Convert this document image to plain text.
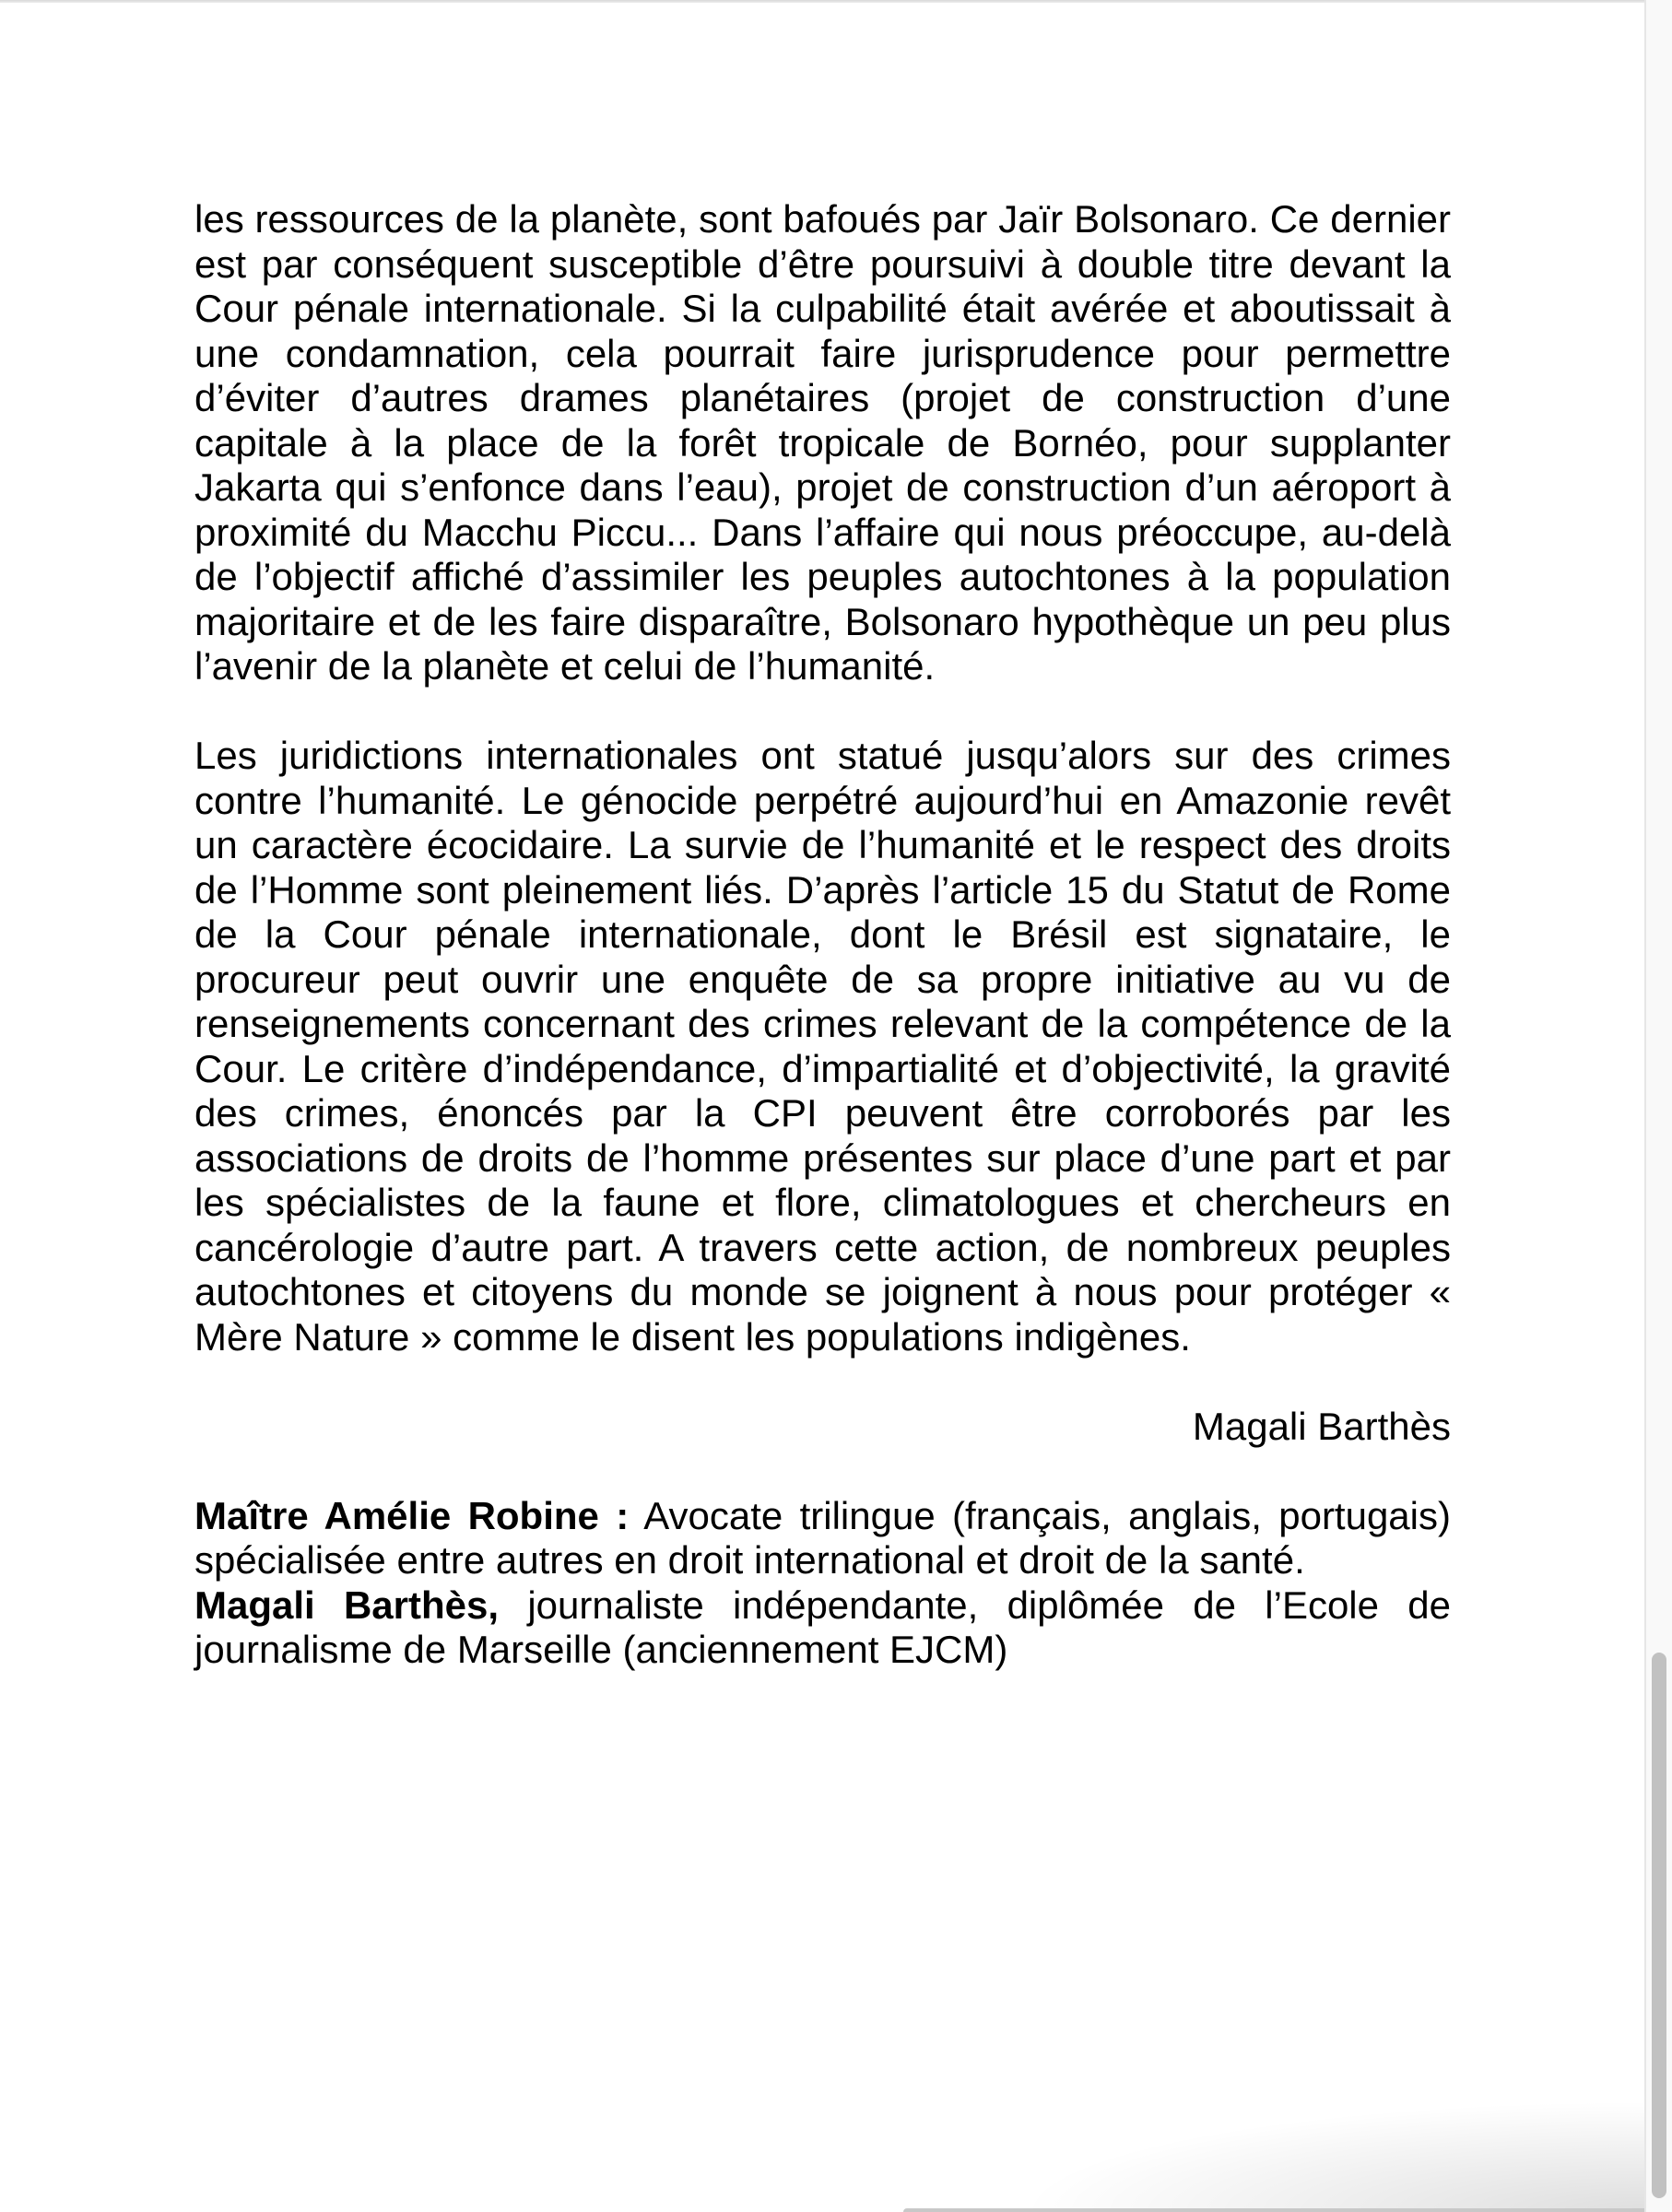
les ressources de la planète, sont bafoués par Jaïr Bolsonaro. Ce dernier est par conséquent susceptible d’être poursuivi à double titre devant la Cour pénale internationale. Si la culpabilité était avérée et aboutissait à une condamnation, cela pourrait faire jurisprudence pour permettre d’éviter d’autres drames planétaires (projet de construction d’une capitale à la place de la forêt tropicale de Bornéo, pour supplanter Jakarta qui s’enfonce dans l’eau), projet de construction d’un aéroport à proximité du Macchu Piccu... Dans l’affaire qui nous préoccupe, au-delà de l’objectif affiché d’assimiler les peuples autochtones à la population majoritaire et de les faire disparaître, Bolsonaro hypothèque un peu plus l’avenir de la planète et celui de l’humanité.

Les juridictions internationales ont statué jusqu’alors sur des crimes contre l’humanité. Le génocide perpétré aujourd’hui en Amazonie revêt un caractère écocidaire. La survie de l’humanité et le respect des droits de l’Homme sont pleinement liés. D’après l’article 15 du Statut de Rome de la Cour pénale internationale, dont le Brésil est signataire, le procureur peut ouvrir une enquête de sa propre initiative au vu de renseignements concernant des crimes relevant de la compétence de la Cour. Le critère d’indépendance, d’impartialité et d’objectivité, la gravité des crimes, énoncés par la CPI peuvent être corroborés par les associations de droits de l’homme présentes sur place d’une part et par les spécialistes de la faune et flore, climatologues et chercheurs en cancérologie d’autre part. A travers cette action, de nombreux peuples autochtones et citoyens du monde se joignent à nous pour protéger « Mère Nature » comme le disent les populations indigènes.

Magali Barthès

Maître Amélie Robine : Avocate trilingue (français, anglais, portugais) spécialisée entre autres en droit international et droit de la santé.

Magali Barthès, journaliste indépendante, diplômée de l’Ecole de journalisme de Marseille (anciennement EJCM)
